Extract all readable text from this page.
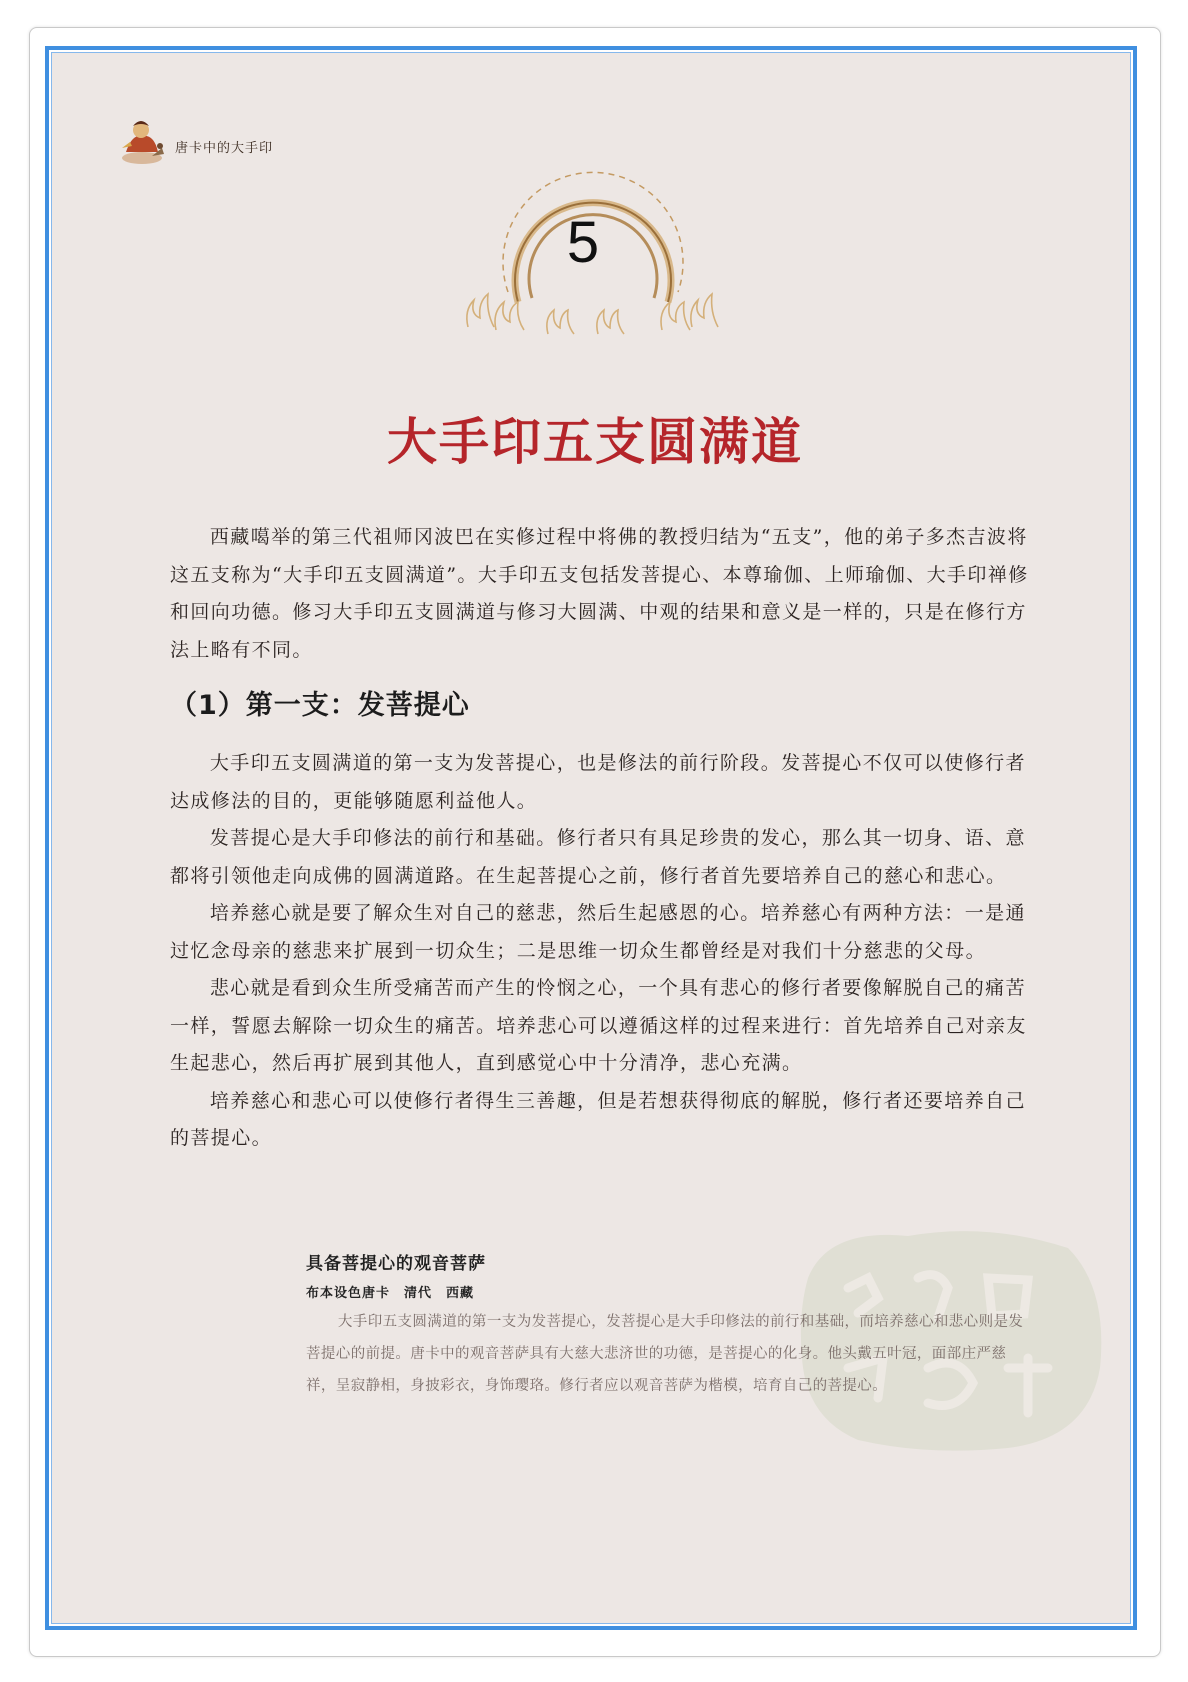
唐卡中的大手印
5
大手印五支圆满道

西藏噶举的第三代祖师冈波巴在实修过程中将佛的教授归结为“五支”，他的弟子多杰吉波将这五支称为“大手印五支圆满道”。大手印五支包括发菩提心、本尊瑜伽、上师瑜伽、大手印禅修和回向功德。修习大手印五支圆满道与修习大圆满、中观的结果和意义是一样的，只是在修行方法上略有不同。

（1）第一支：发菩提心

大手印五支圆满道的第一支为发菩提心，也是修法的前行阶段。发菩提心不仅可以使修行者达成修法的目的，更能够随愿利益他人。

发菩提心是大手印修法的前行和基础。修行者只有具足珍贵的发心，那么其一切身、语、意都将引领他走向成佛的圆满道路。在生起菩提心之前，修行者首先要培养自己的慈心和悲心。

培养慈心就是要了解众生对自己的慈悲，然后生起感恩的心。培养慈心有两种方法：一是通过忆念母亲的慈悲来扩展到一切众生；二是思维一切众生都曾经是对我们十分慈悲的父母。

悲心就是看到众生所受痛苦而产生的怜悯之心，一个具有悲心的修行者要像解脱自己的痛苦一样，誓愿去解除一切众生的痛苦。培养悲心可以遵循这样的过程来进行：首先培养自己对亲友生起悲心，然后再扩展到其他人，直到感觉心中十分清净，悲心充满。

培养慈心和悲心可以使修行者得生三善趣，但是若想获得彻底的解脱，修行者还要培养自己的菩提心。

具备菩提心的观音菩萨
布本设色唐卡　清代　西藏

大手印五支圆满道的第一支为发菩提心，发菩提心是大手印修法的前行和基础，而培养慈心和悲心则是发菩提心的前提。唐卡中的观音菩萨具有大慈大悲济世的功德，是菩提心的化身。他头戴五叶冠，面部庄严慈祥，呈寂静相，身披彩衣，身饰璎珞。修行者应以观音菩萨为楷模，培育自己的菩提心。
